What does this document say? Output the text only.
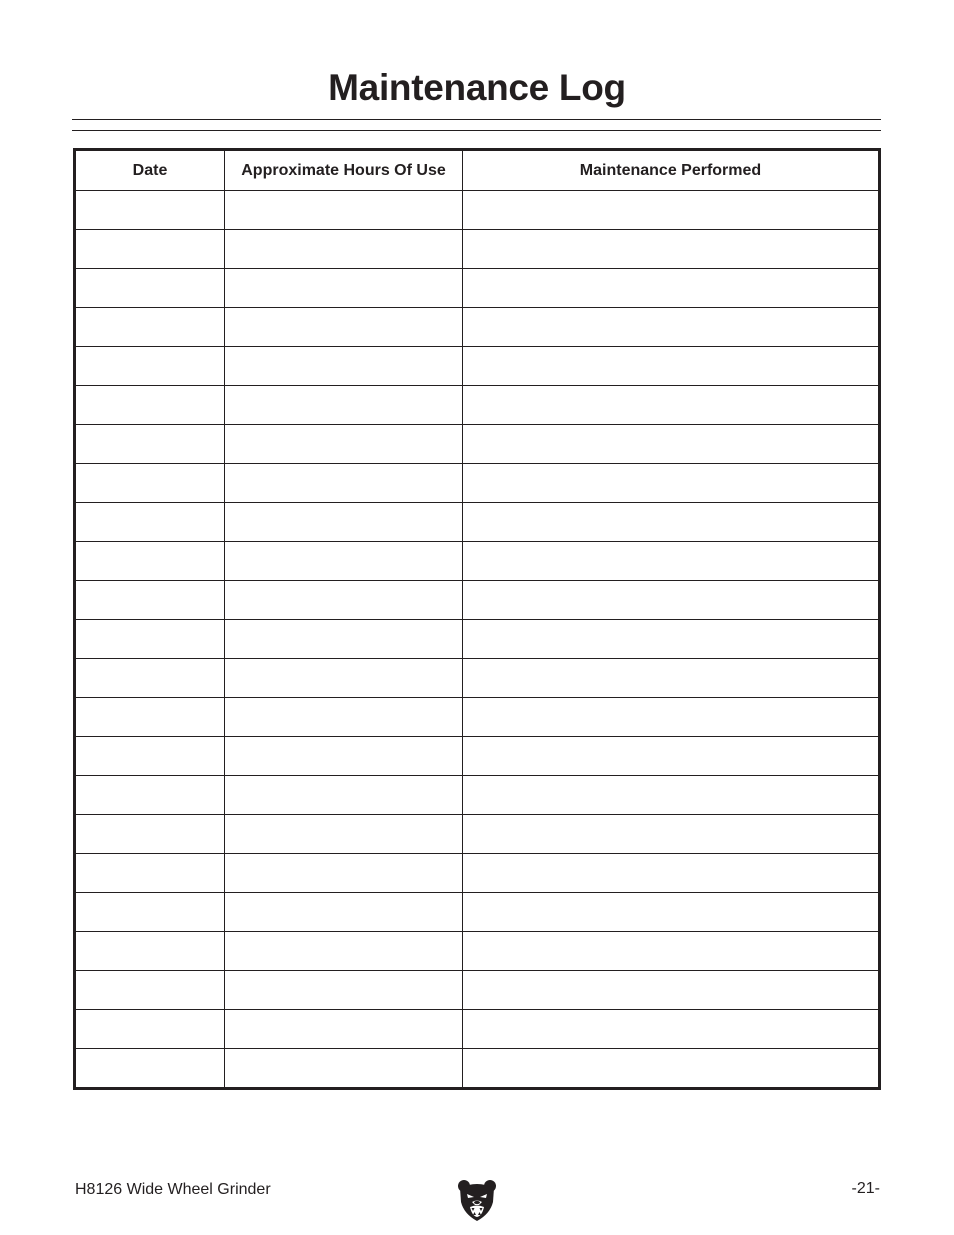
Maintenance Log
Date	Approximate Hours Of Use	Maintenance Performed

H8126 Wide Wheel Grinder	-21-
